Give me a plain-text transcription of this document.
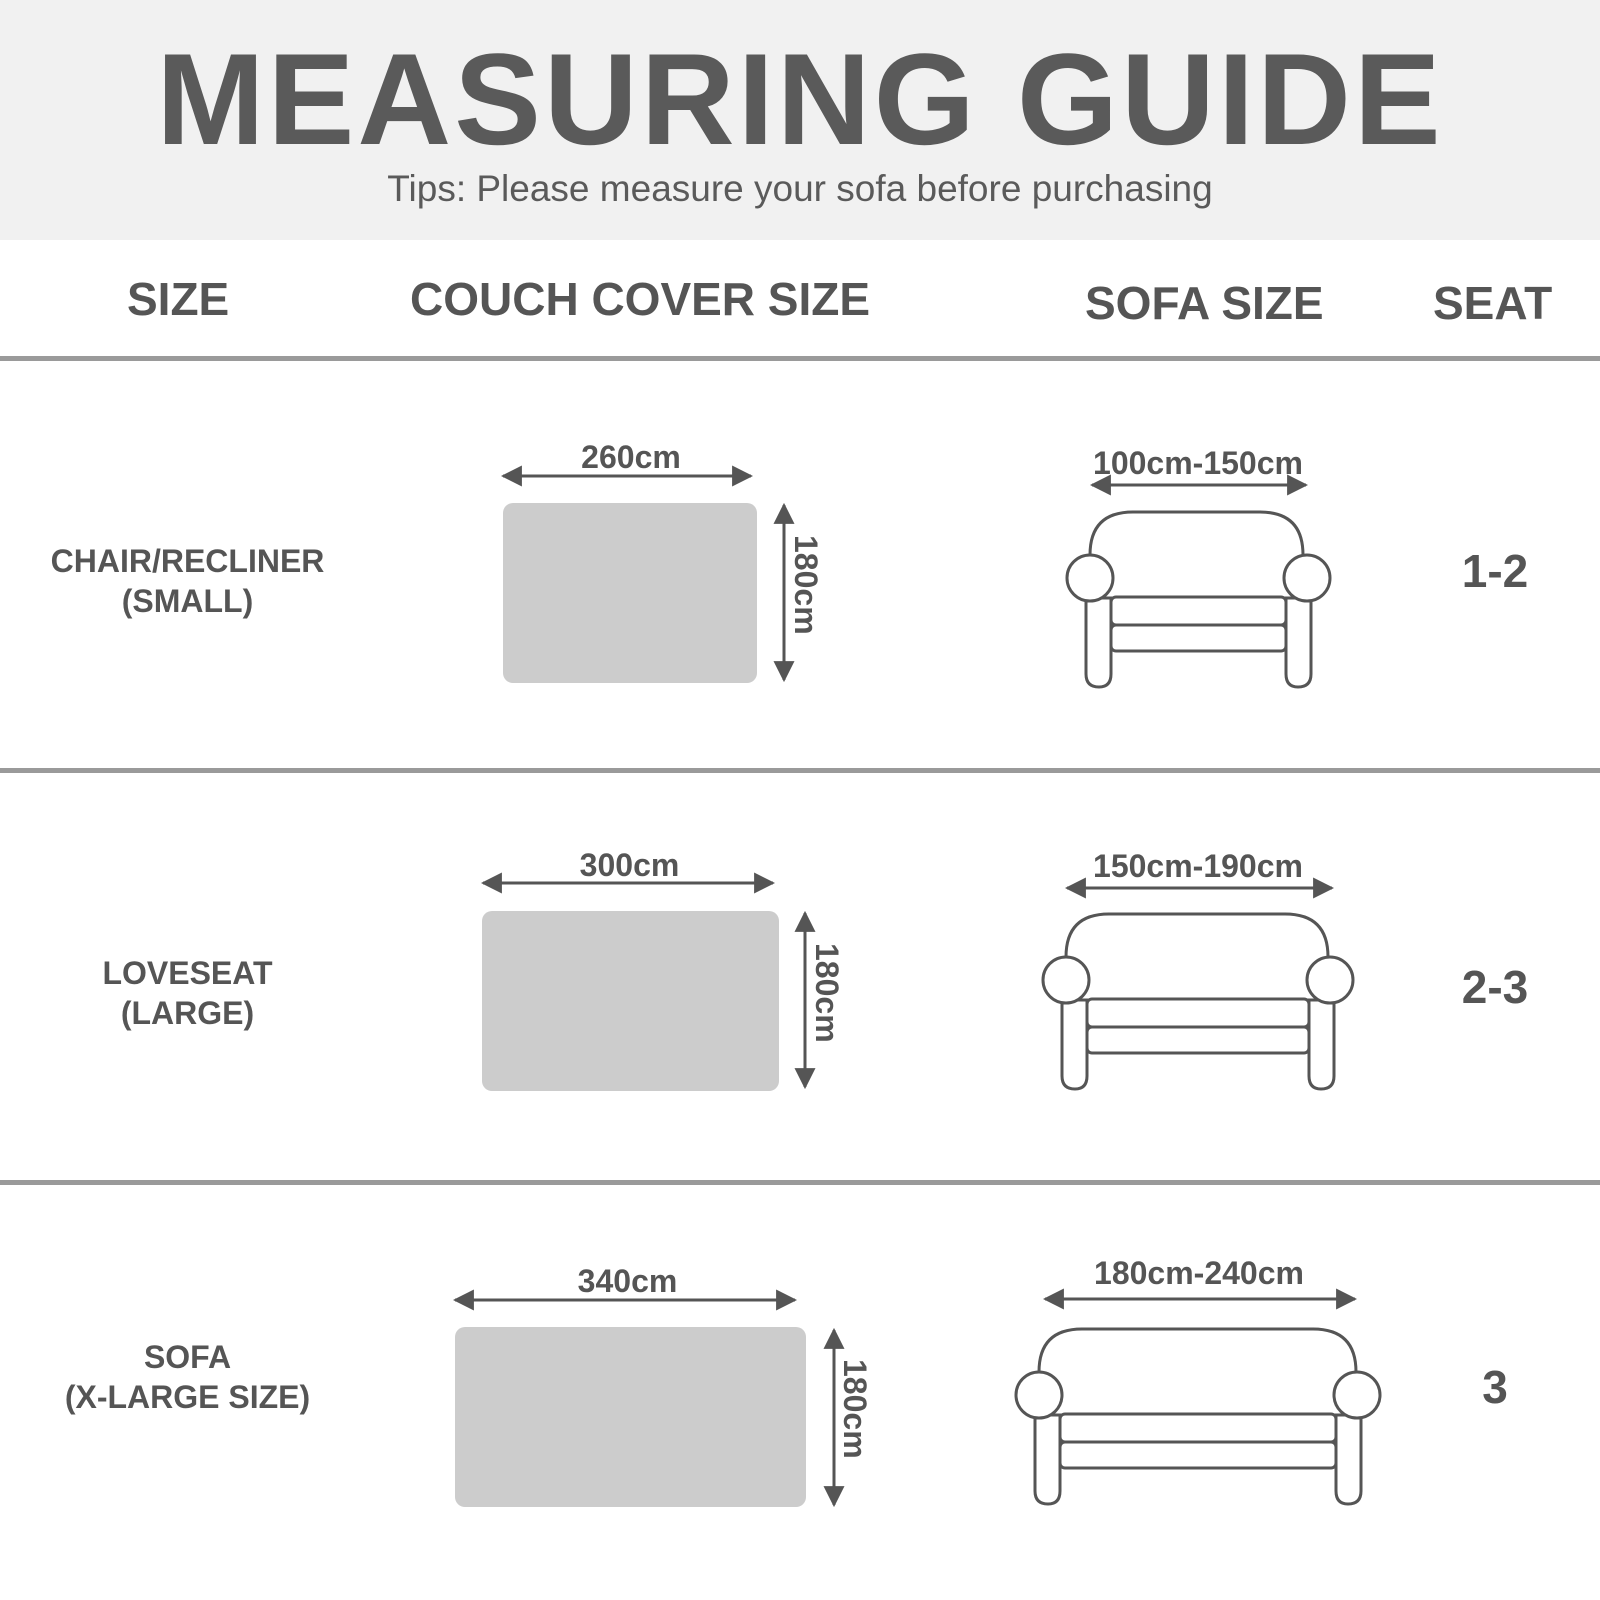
MEASURING GUIDE
Tips: Please measure your sofa before purchasing
SIZE	COUCH COVER SIZE	SOFA SIZE SEAT
CHAIR/RECLINER
(SMALL)
260cm
180cm
100cm-150cm
1-2
LOVESEAT
(LARGE)
300cm
180cm
150cm-190cm
2-3
SOFA
(X-LARGE SIZE)
340cm
180cm
180cm-240cm
3
